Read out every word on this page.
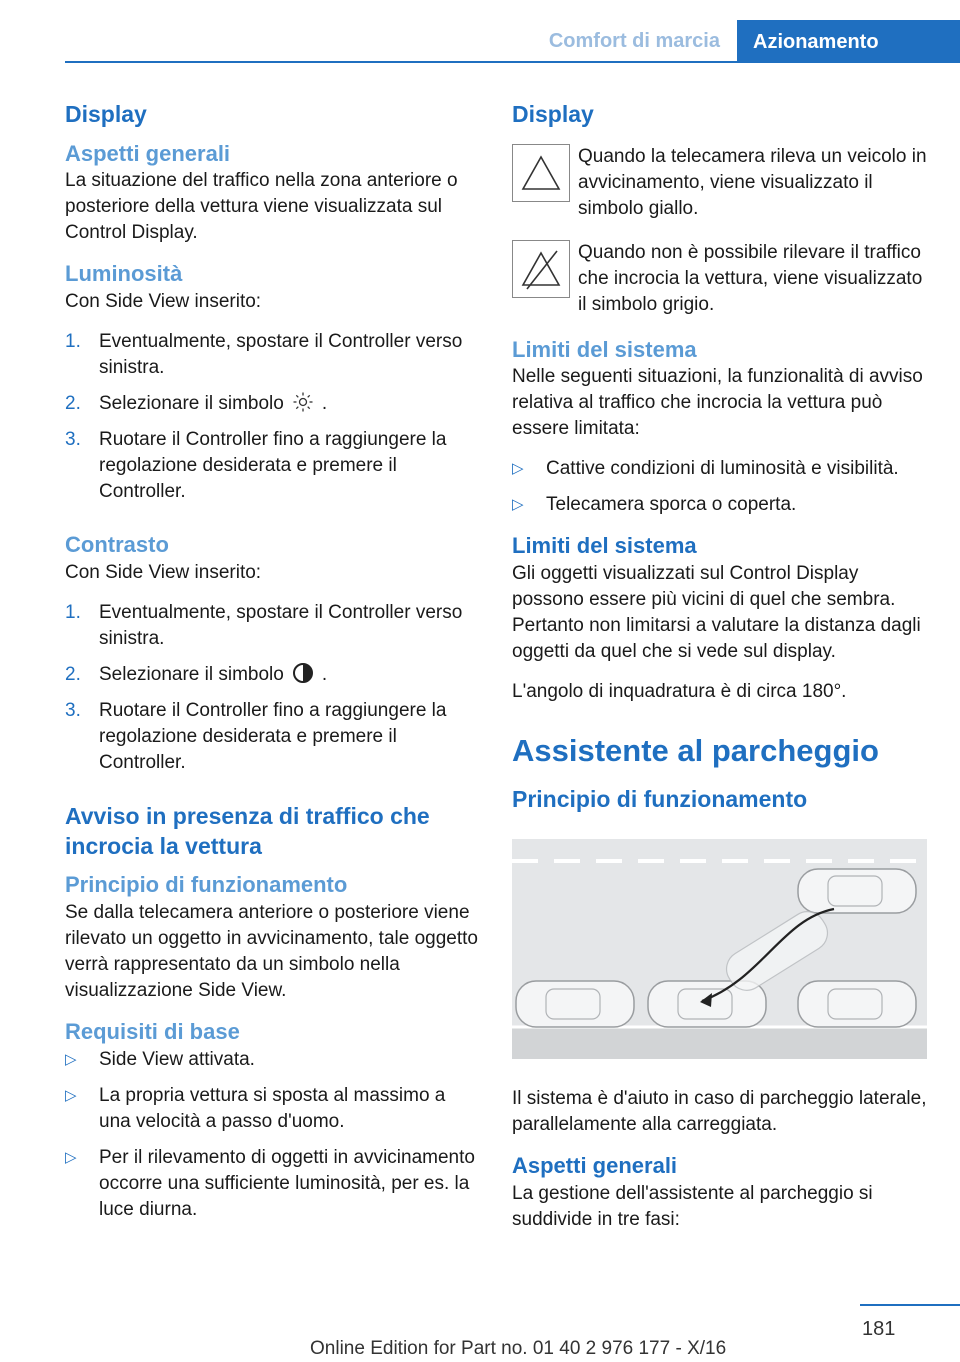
Comfort di marcia Azionamento
Display
Aspetti generali

La situazione del traffico nella zona anteriore o posteriore della vettura viene visualizzata sul Control Display.

Luminosità

Con Side View inserito:

1. Eventualmente, spostare il Controller verso sinistra.
2. Selezionare il simbolo .
3. Ruotare il Controller fino a raggiungere la regolazione desiderata e premere il Controller.
Contrasto

Con Side View inserito:

1. Eventualmente, spostare il Controller verso sinistra.
2. Selezionare il simbolo .
3. Ruotare il Controller fino a raggiungere la regolazione desiderata e premere il Controller.
Avviso in presenza di traffico che incrocia la vettura
Principio di funzionamento

Se dalla telecamera anteriore o posteriore viene rilevato un oggetto in avvicinamento, tale oggetto verrà rappresentato da un simbolo nella visualizzazione Side View.

Requisiti di base
▷ Side View attivata.
▷ La propria vettura si sposta al massimo a una velocità a passo d'uomo.
▷ Per il rilevamento di oggetti in avvicinamento occorre una sufficiente luminosità, per es. la luce diurna.
Display
Quando la telecamera rileva un veicolo in avvicinamento, viene visualizzato il simbolo giallo.
Quando non è possibile rilevare il traffico che incrocia la vettura, viene visualizzato il simbolo grigio.
Limiti del sistema

Nelle seguenti situazioni, la funzionalità di avviso relativa al traffico che incrocia la vettura può essere limitata:

▷ Cattive condizioni di luminosità e visibilità.
▷ Telecamera sporca o coperta.
Limiti del sistema

Gli oggetti visualizzati sul Control Display possono essere più vicini di quel che sembra. Pertanto non limitarsi a valutare la distanza dagli oggetti da quel che si vede sul display.

L'angolo di inquadratura è di circa 180°.

Assistente al parcheggio
Principio di funzionamento

Il sistema è d'aiuto in caso di parcheggio laterale, parallelamente alla carreggiata.

Aspetti generali

La gestione dell'assistente al parcheggio si suddivide in tre fasi:

181
Online Edition for Part no. 01 40 2 976 177 - X/16
